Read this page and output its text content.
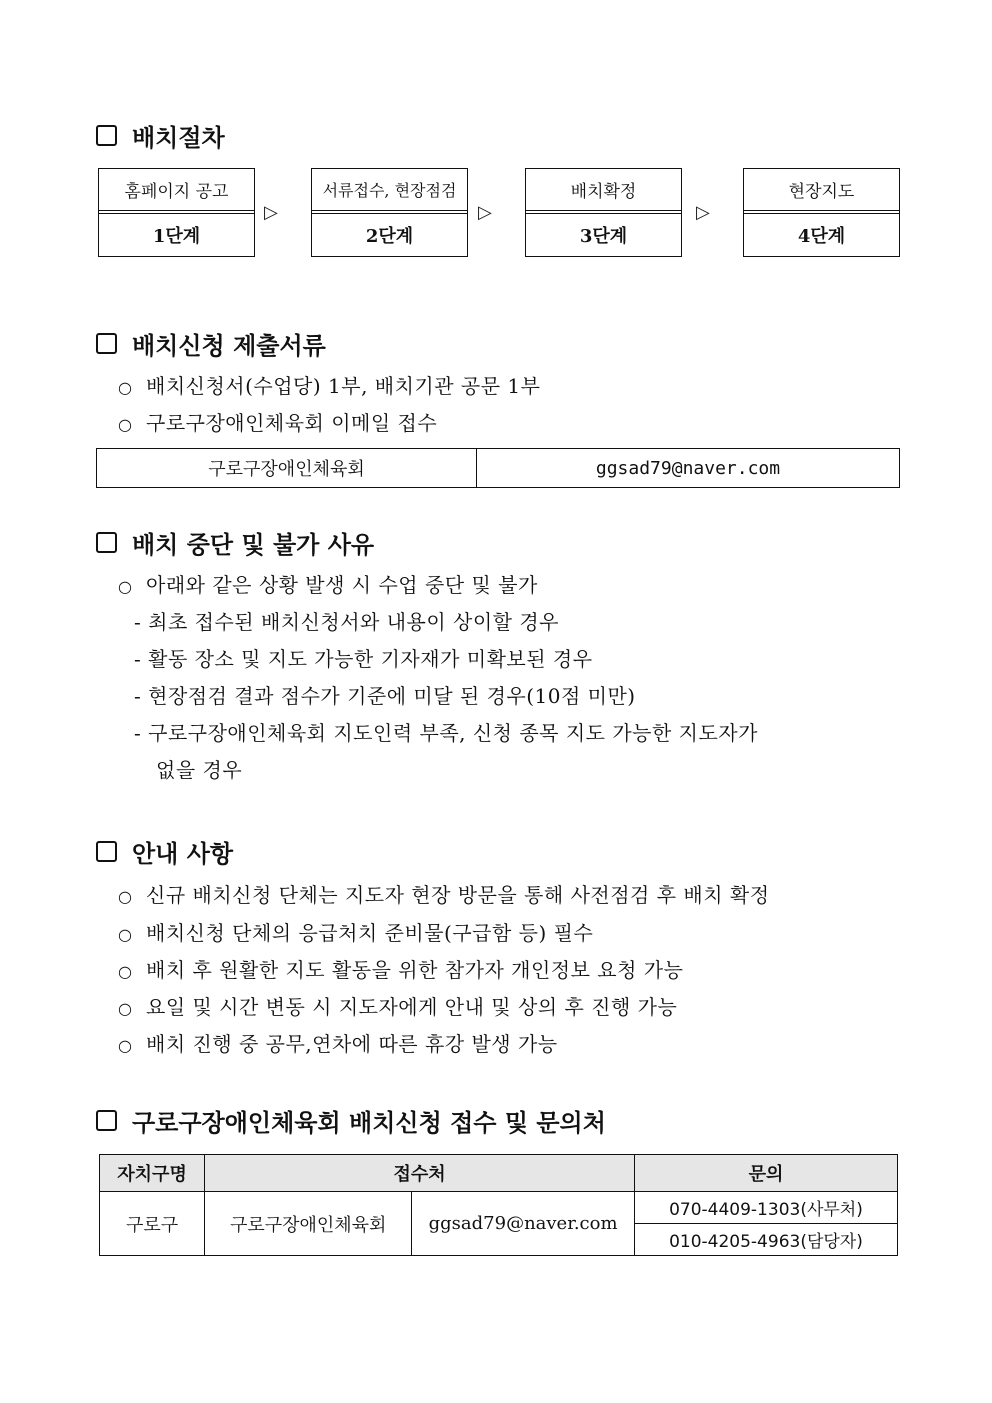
배치절차
홈페이지 공고
1단계
▷
서류접수, 현장점검
2단계
▷
배치확정
3단계
▷
현장지도
4단계
배치신청 제출서류
○ 배치신청서(수업당) 1부, 배치기관 공문 1부
○ 구로구장애인체육회 이메일 접수
구로구장애인체육회	ggsad79@naver.com
배치 중단 및 불가 사유
○ 아래와 같은 상황 발생 시 수업 중단 및 불가
- 최초 접수된 배치신청서와 내용이 상이할 경우
- 활동 장소 및 지도 가능한 기자재가 미확보된 경우
- 현장점검 결과 점수가 기준에 미달 된 경우(10점 미만)
- 구로구장애인체육회 지도인력 부족, 신청 종목 지도 가능한 지도자가
없을 경우
안내 사항
○ 신규 배치신청 단체는 지도자 현장 방문을 통해 사전점검 후 배치 확정
○ 배치신청 단체의 응급처치 준비물(구급함 등) 필수
○ 배치 후 원활한 지도 활동을 위한 참가자 개인정보 요청 가능
○ 요일 및 시간 변동 시 지도자에게 안내 및 상의 후 진행 가능
○ 배치 진행 중 공무,연차에 따른 휴강 발생 가능
구로구장애인체육회 배치신청 접수 및 문의처
자치구명	접수처		문의
구로구	구로구장애인체육회	ggsad79@naver.com	070-4409-1303(사무처)
			010-4205-4963(담당자)
